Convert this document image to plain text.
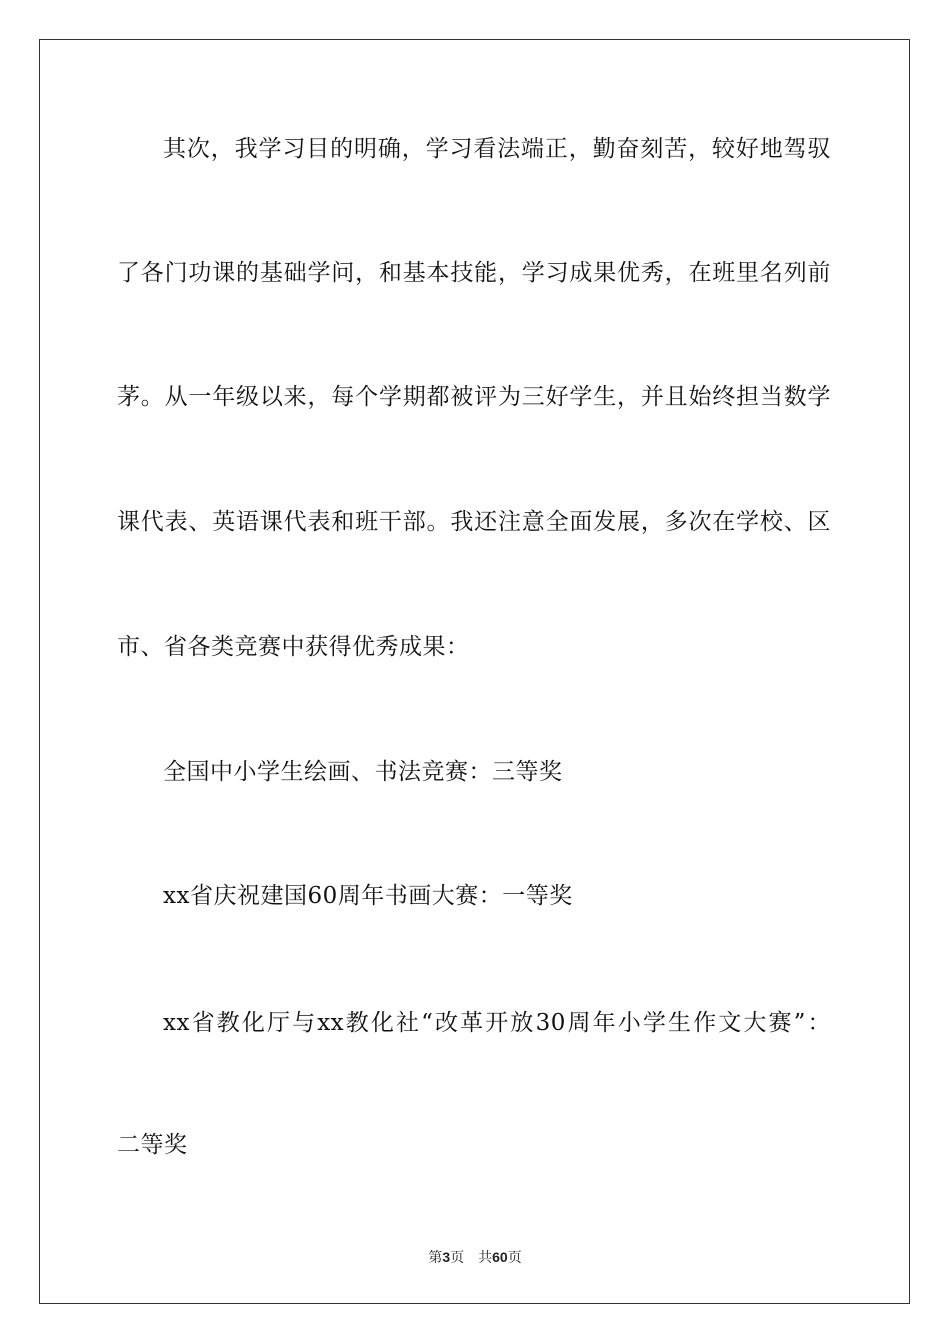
其次，我学习目的明确，学习看法端正，勤奋刻苦，较好地驾驭
了各门功课的基础学问，和基本技能，学习成果优秀，在班里名列前
茅。从一年级以来，每个学期都被评为三好学生，并且始终担当数学
课代表、英语课代表和班干部。我还注意全面发展，多次在学校、区
市、省各类竞赛中获得优秀成果：
全国中小学生绘画、书法竞赛：三等奖
xx省庆祝建国60周年书画大赛：一等奖
xx省教化厅与xx教化社“改革开放30周年小学生作文大赛”：
二等奖
第3页　共60页
